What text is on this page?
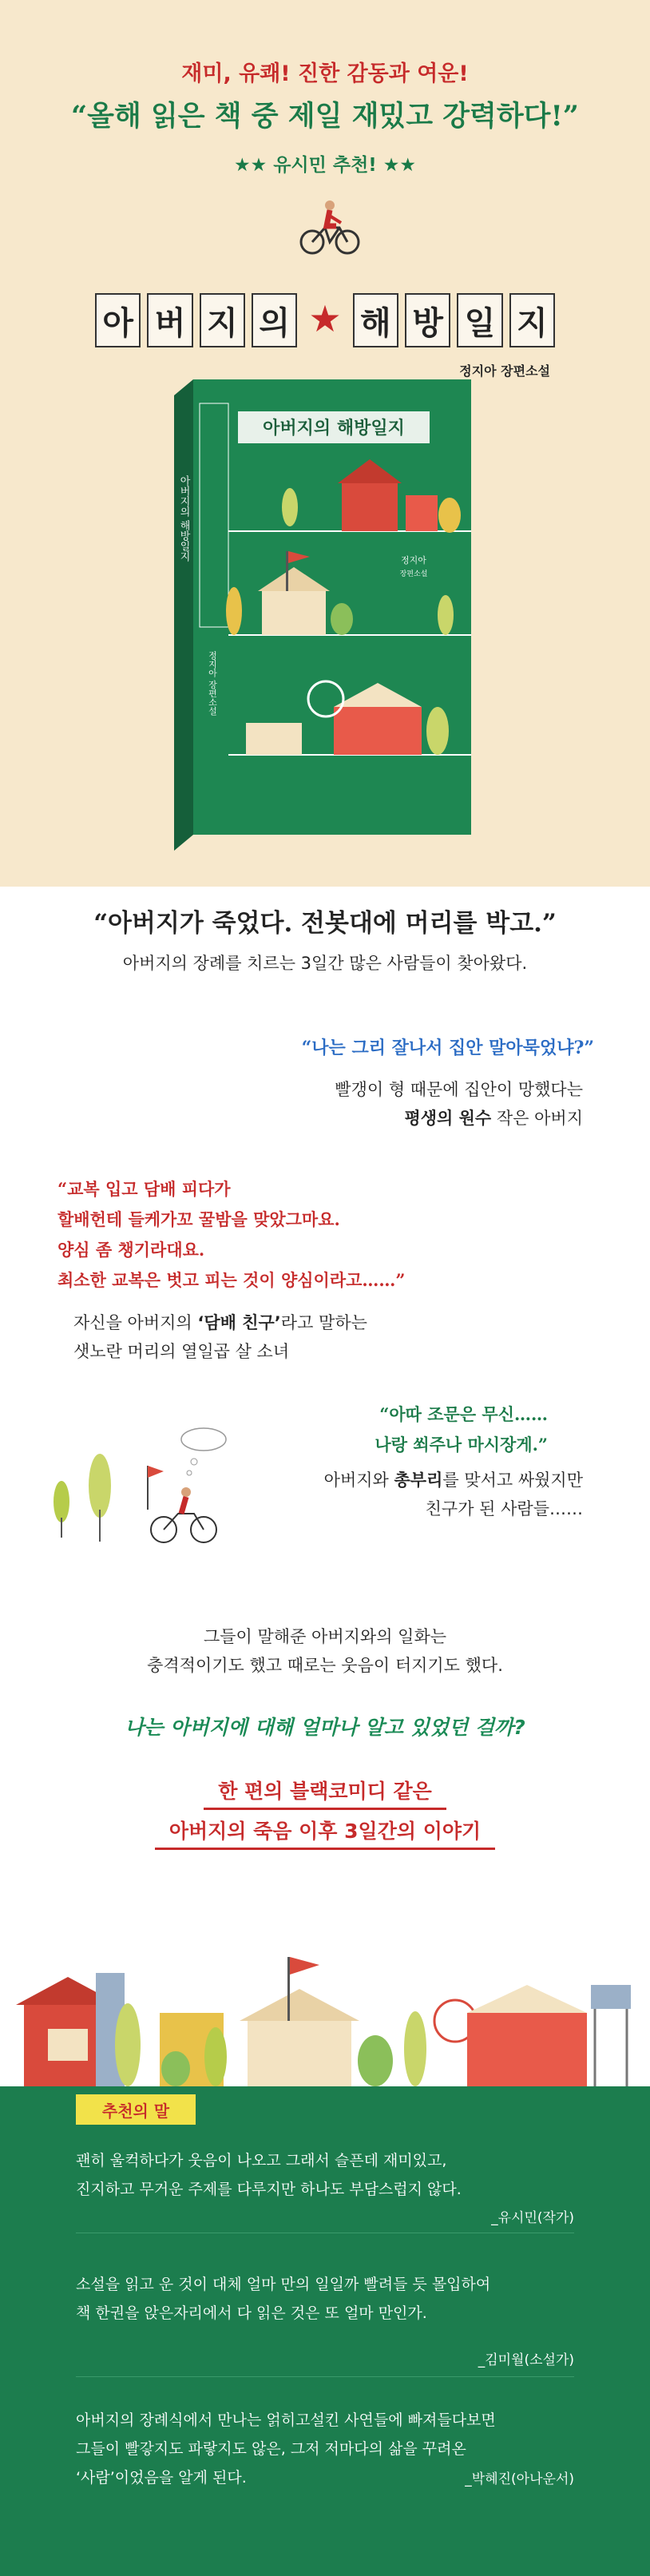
재미, 유쾌! 진한 감동과 여운!
“올해 읽은 책 중 제일 재밌고 강력하다!”
★★ 유시민 추천! ★★
아 버 지 의 ★ 해 방 일 지
정지아 장편소설
아버지의 해방일지
아버지의 해방일지
정지아
장편소설
정지아 장편소설
“아버지가 죽었다. 전봇대에 머리를 박고.”
아버지의 장례를 치르는 3일간 많은 사람들이 찾아왔다.
“나는 그리 잘나서 집안 말아묵었냐?”
빨갱이 형 때문에 집안이 망했다는
평생의 원수 작은 아버지
“교복 입고 담배 피다가
할배헌테 들케가꼬 꿀밤을 맞았그마요.
양심 좀 챙기라대요.
최소한 교복은 벗고 피는 것이 양심이라고……”
자신을 아버지의 ‘담배 친구’라고 말하는
샛노란 머리의 열일곱 살 소녀
“아따 조문은 무신……
나랑 쐬주나 마시장게.”
아버지와 총부리를 맞서고 싸웠지만
친구가 된 사람들……
그들이 말해준 아버지와의 일화는
충격적이기도 했고 때로는 웃음이 터지기도 했다.
나는 아버지에 대해 얼마나 알고 있었던 걸까?
한 편의 블랙코미디 같은
아버지의 죽음 이후 3일간의 이야기
추천의 말
괜히 울컥하다가 웃음이 나오고 그래서 슬픈데 재미있고,
진지하고 무거운 주제를 다루지만 하나도 부담스럽지 않다.
_유시민(작가)
소설을 읽고 운 것이 대체 얼마 만의 일일까 빨려들 듯 몰입하여
책 한권을 앉은자리에서 다 읽은 것은 또 얼마 만인가.
_김미월(소설가)
아버지의 장례식에서 만나는 얽히고설킨 사연들에 빠져들다보면
그들이 빨갛지도 파랗지도 않은, 그저 저마다의 삶을 꾸려온
‘사람’이었음을 알게 된다.	_박혜진(아나운서)
